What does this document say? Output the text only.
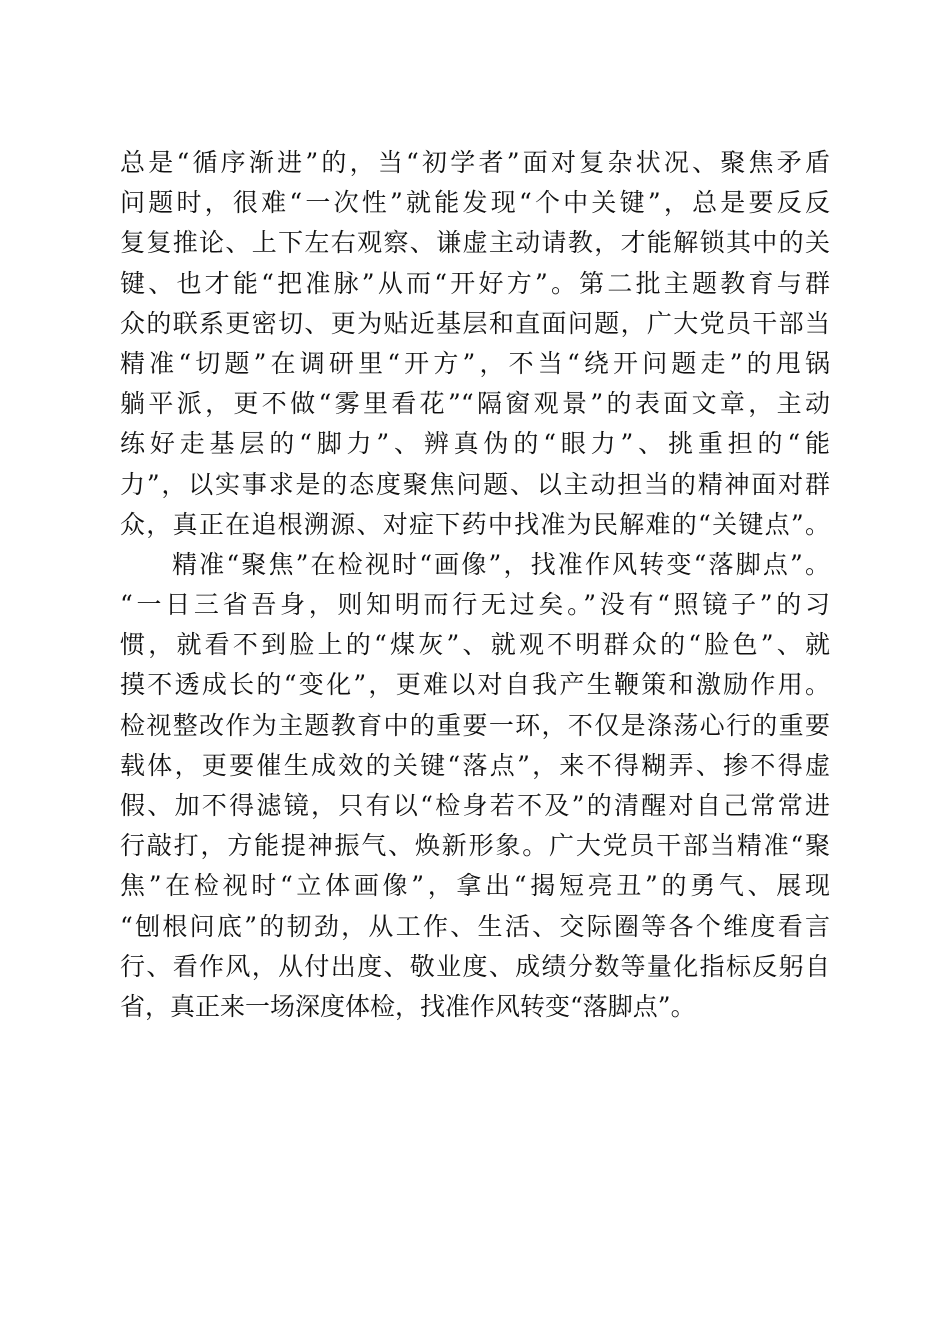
总是“循序渐进”的，当“初学者”面对复杂状况、聚焦矛盾
问题时，很难“一次性”就能发现“个中关键”，总是要反反
复复推论、上下左右观察、谦虚主动请教，才能解锁其中的关
键、也才能“把准脉”从而“开好方”。第二批主题教育与群
众的联系更密切、更为贴近基层和直面问题，广大党员干部当
精准“切题”在调研里“开方”，不当“绕开问题走”的甩锅
躺平派，更不做“雾里看花”“隔窗观景”的表面文章，主动
练好走基层的“脚力”、辨真伪的“眼力”、挑重担的“能
力”，以实事求是的态度聚焦问题、以主动担当的精神面对群
众，真正在追根溯源、对症下药中找准为民解难的“关键点”。
精准“聚焦”在检视时“画像”，找准作风转变“落脚点”。
“一日三省吾身，则知明而行无过矣。”没有“照镜子”的习
惯，就看不到脸上的“煤灰”、就观不明群众的“脸色”、就
摸不透成长的“变化”，更难以对自我产生鞭策和激励作用。
检视整改作为主题教育中的重要一环，不仅是涤荡心行的重要
载体，更要催生成效的关键“落点”，来不得糊弄、掺不得虚
假、加不得滤镜，只有以“检身若不及”的清醒对自己常常进
行敲打，方能提神振气、焕新形象。广大党员干部当精准“聚
焦”在检视时“立体画像”，拿出“揭短亮丑”的勇气、展现
“刨根问底”的韧劲，从工作、生活、交际圈等各个维度看言
行、看作风，从付出度、敬业度、成绩分数等量化指标反躬自
省，真正来一场深度体检，找准作风转变“落脚点”。
